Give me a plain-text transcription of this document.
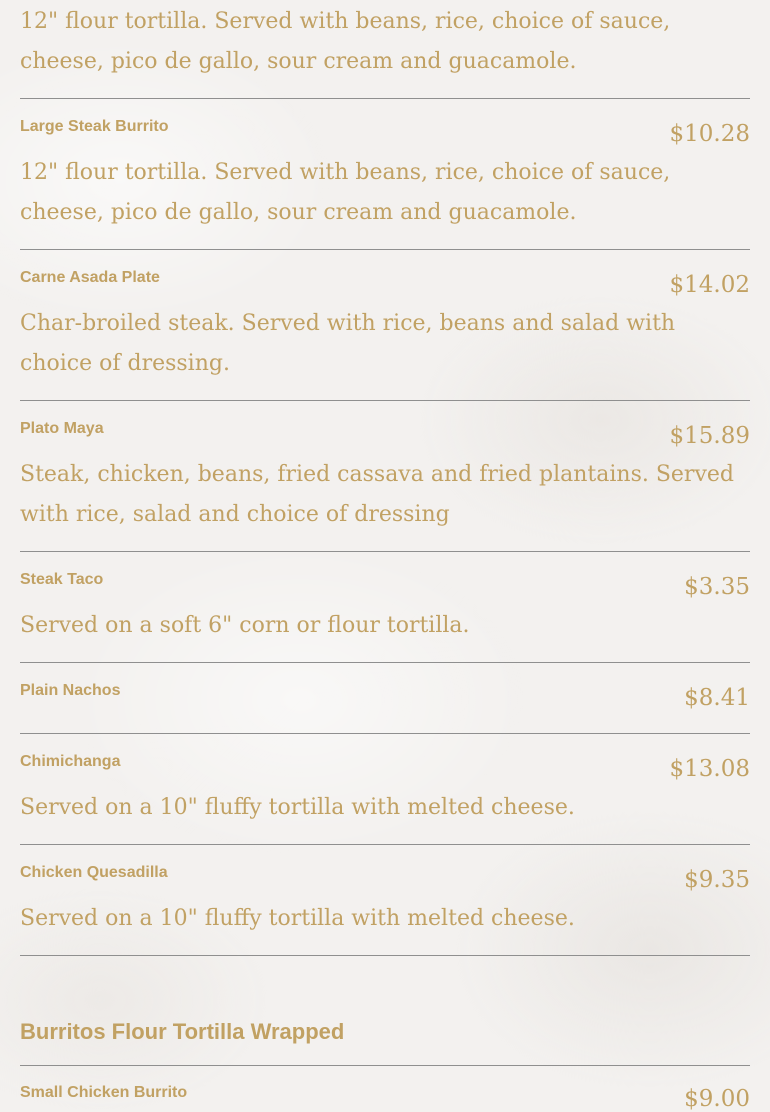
12" flour tortilla. Served with beans, rice, choice of sauce, cheese, pico de gallo, sour cream and guacamole.
Large Steak Burrito	$10.28
12" flour tortilla. Served with beans, rice, choice of sauce, cheese, pico de gallo, sour cream and guacamole.
Carne Asada Plate	$14.02
Char-broiled steak. Served with rice, beans and salad with choice of dressing.
Plato Maya	$15.89
Steak, chicken, beans, fried cassava and fried plantains. Served with rice, salad and choice of dressing
Steak Taco	$3.35
Served on a soft 6" corn or flour tortilla.
Plain Nachos	$8.41
Chimichanga	$13.08
Served on a 10" fluffy tortilla with melted cheese.
Chicken Quesadilla	$9.35
Served on a 10" fluffy tortilla with melted cheese.
Burritos Flour Tortilla Wrapped
Small Chicken Burrito	$9.00
